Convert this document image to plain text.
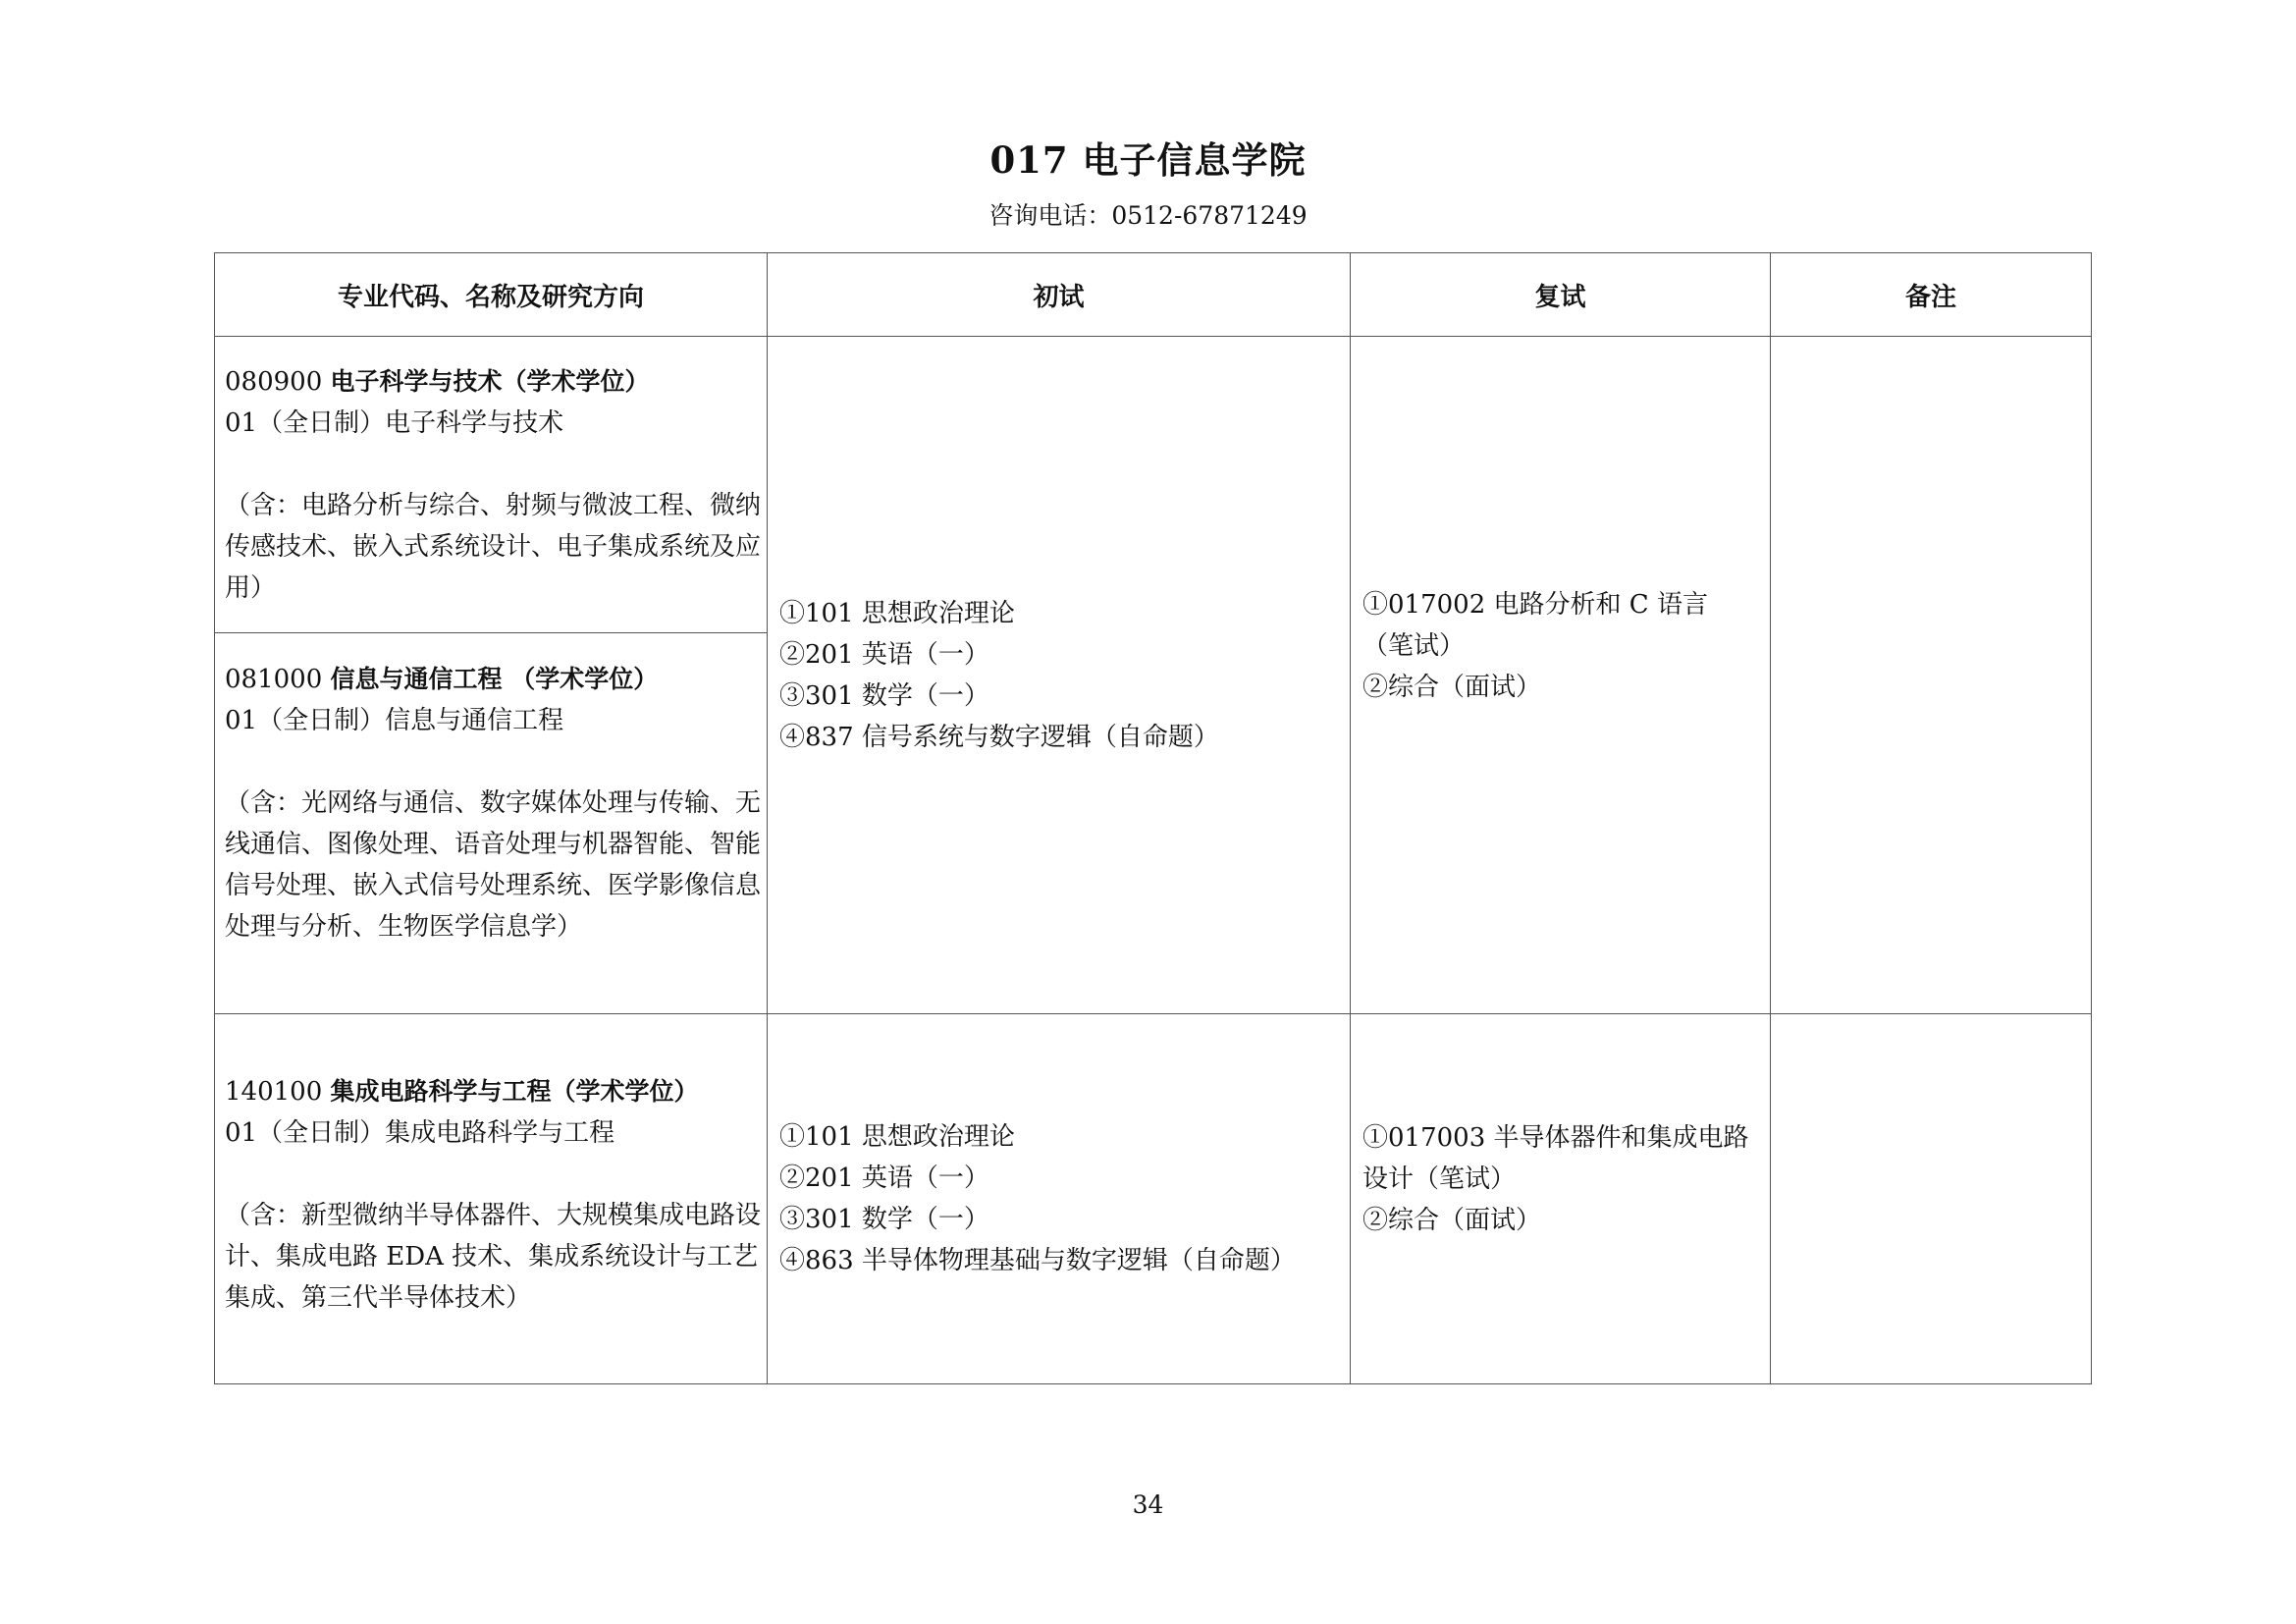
017 电子信息学院
咨询电话：0512-67871249
专业代码、名称及研究方向	初试	复试	备注

080900 电子科学与技术（学术学位）
01（全日制）电子科学与技术
（含：电路分析与综合、射频与微波工程、微纳传感技术、嵌入式系统设计、电子集成系统及应用）	①101 思想政治理论
②201 英语（一）
③301 数学（一）
④837 信号系统与数字逻辑（自命题）	①017002 电路分析和 C 语言（笔试）
②综合（面试）	

081000 信息与通信工程 （学术学位）
01（全日制）信息与通信工程
（含：光网络与通信、数字媒体处理与传输、无线通信、图像处理、语音处理与机器智能、智能信号处理、嵌入式信号处理系统、医学影像信息处理与分析、生物医学信息学）			

140100 集成电路科学与工程（学术学位）
01（全日制）集成电路科学与工程
（含：新型微纳半导体器件、大规模集成电路设计、集成电路 EDA 技术、集成系统设计与工艺集成、第三代半导体技术）	①101 思想政治理论
②201 英语（一）
③301 数学（一）
④863 半导体物理基础与数字逻辑（自命题）	①017003 半导体器件和集成电路设计（笔试）
②综合（面试）	

34
